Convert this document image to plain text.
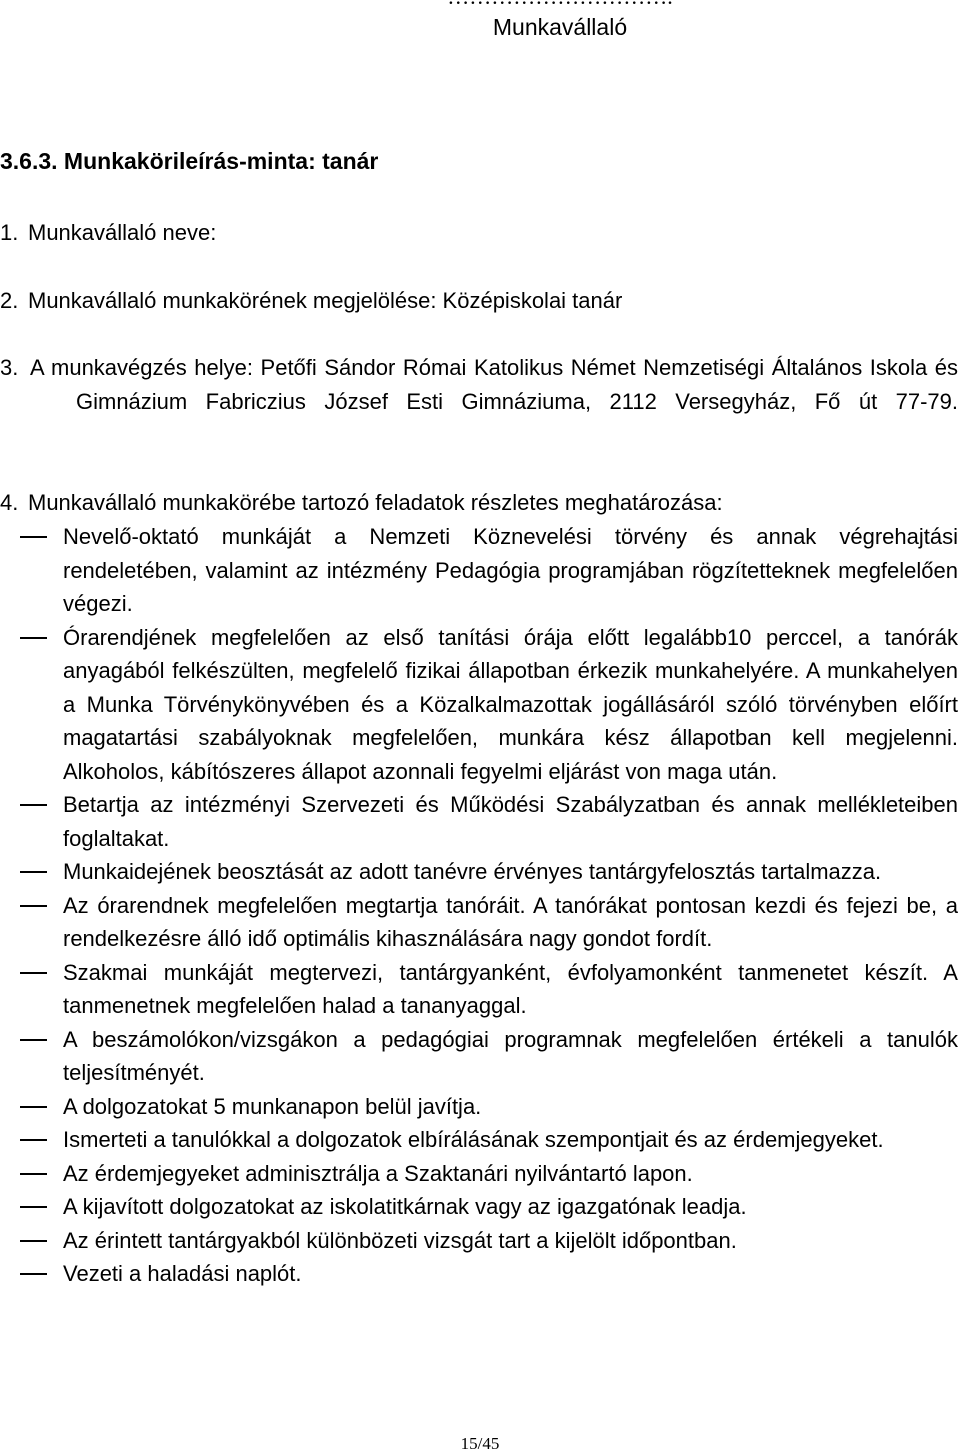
Munkavállaló
3.6.3. Munkakörileírás-minta: tanár
1. Munkavállaló neve:
2. Munkavállaló munkakörének megjelölése: Középiskolai tanár
3. A munkavégzés helye: Petőfi Sándor Római Katolikus Német Nemzetiségi Általános Iskola és Gimnázium Fabriczius József Esti Gimnáziuma, 2112 Versegyház, Fő út 77-79.
4. Munkavállaló munkakörébe tartozó feladatok részletes meghatározása:
Nevelő-oktató munkáját a Nemzeti Köznevelési törvény és annak végrehajtási rendeletében, valamint az intézmény Pedagógia programjában rögzítetteknek megfelelően végezi.
Órarendjének megfelelően az első tanítási órája előtt legalább10 perccel, a tanórák anyagából felkészülten, megfelelő fizikai állapotban érkezik munkahelyére. A munkahelyen a Munka Törvénykönyvében és a Közalkalmazottak jogállásáról szóló törvényben előírt magatartási szabályoknak megfelelően, munkára kész állapotban kell megjelenni. Alkoholos, kábítószeres állapot azonnali fegyelmi eljárást von maga után.
Betartja az intézményi Szervezeti és Működési Szabályzatban és annak mellékleteiben foglaltakat.
Munkaidejének beosztását az adott tanévre érvényes tantárgyfelosztás tartalmazza.
Az órarendnek megfelelően megtartja tanóráit. A tanórákat pontosan kezdi és fejezi be, a rendelkezésre álló idő optimális kihasználására nagy gondot fordít.
Szakmai munkáját megtervezi, tantárgyanként, évfolyamonként tanmenetet készít. A tanmenetnek megfelelően halad a tananyaggal.
A beszámolókon/vizsgákon a pedagógiai programnak megfelelően értékeli a tanulók teljesítményét.
A dolgozatokat 5 munkanapon belül javítja.
Ismerteti a tanulókkal a dolgozatok elbírálásának szempontjait és az érdemjegyeket.
Az érdemjegyeket adminisztrálja a Szaktanári nyilvántartó lapon.
A kijavított dolgozatokat az iskolatitkárnak vagy az igazgatónak leadja.
Az érintett tantárgyakból különbözeti vizsgát tart a kijelölt időpontban.
Vezeti a haladási naplót.
15/45
